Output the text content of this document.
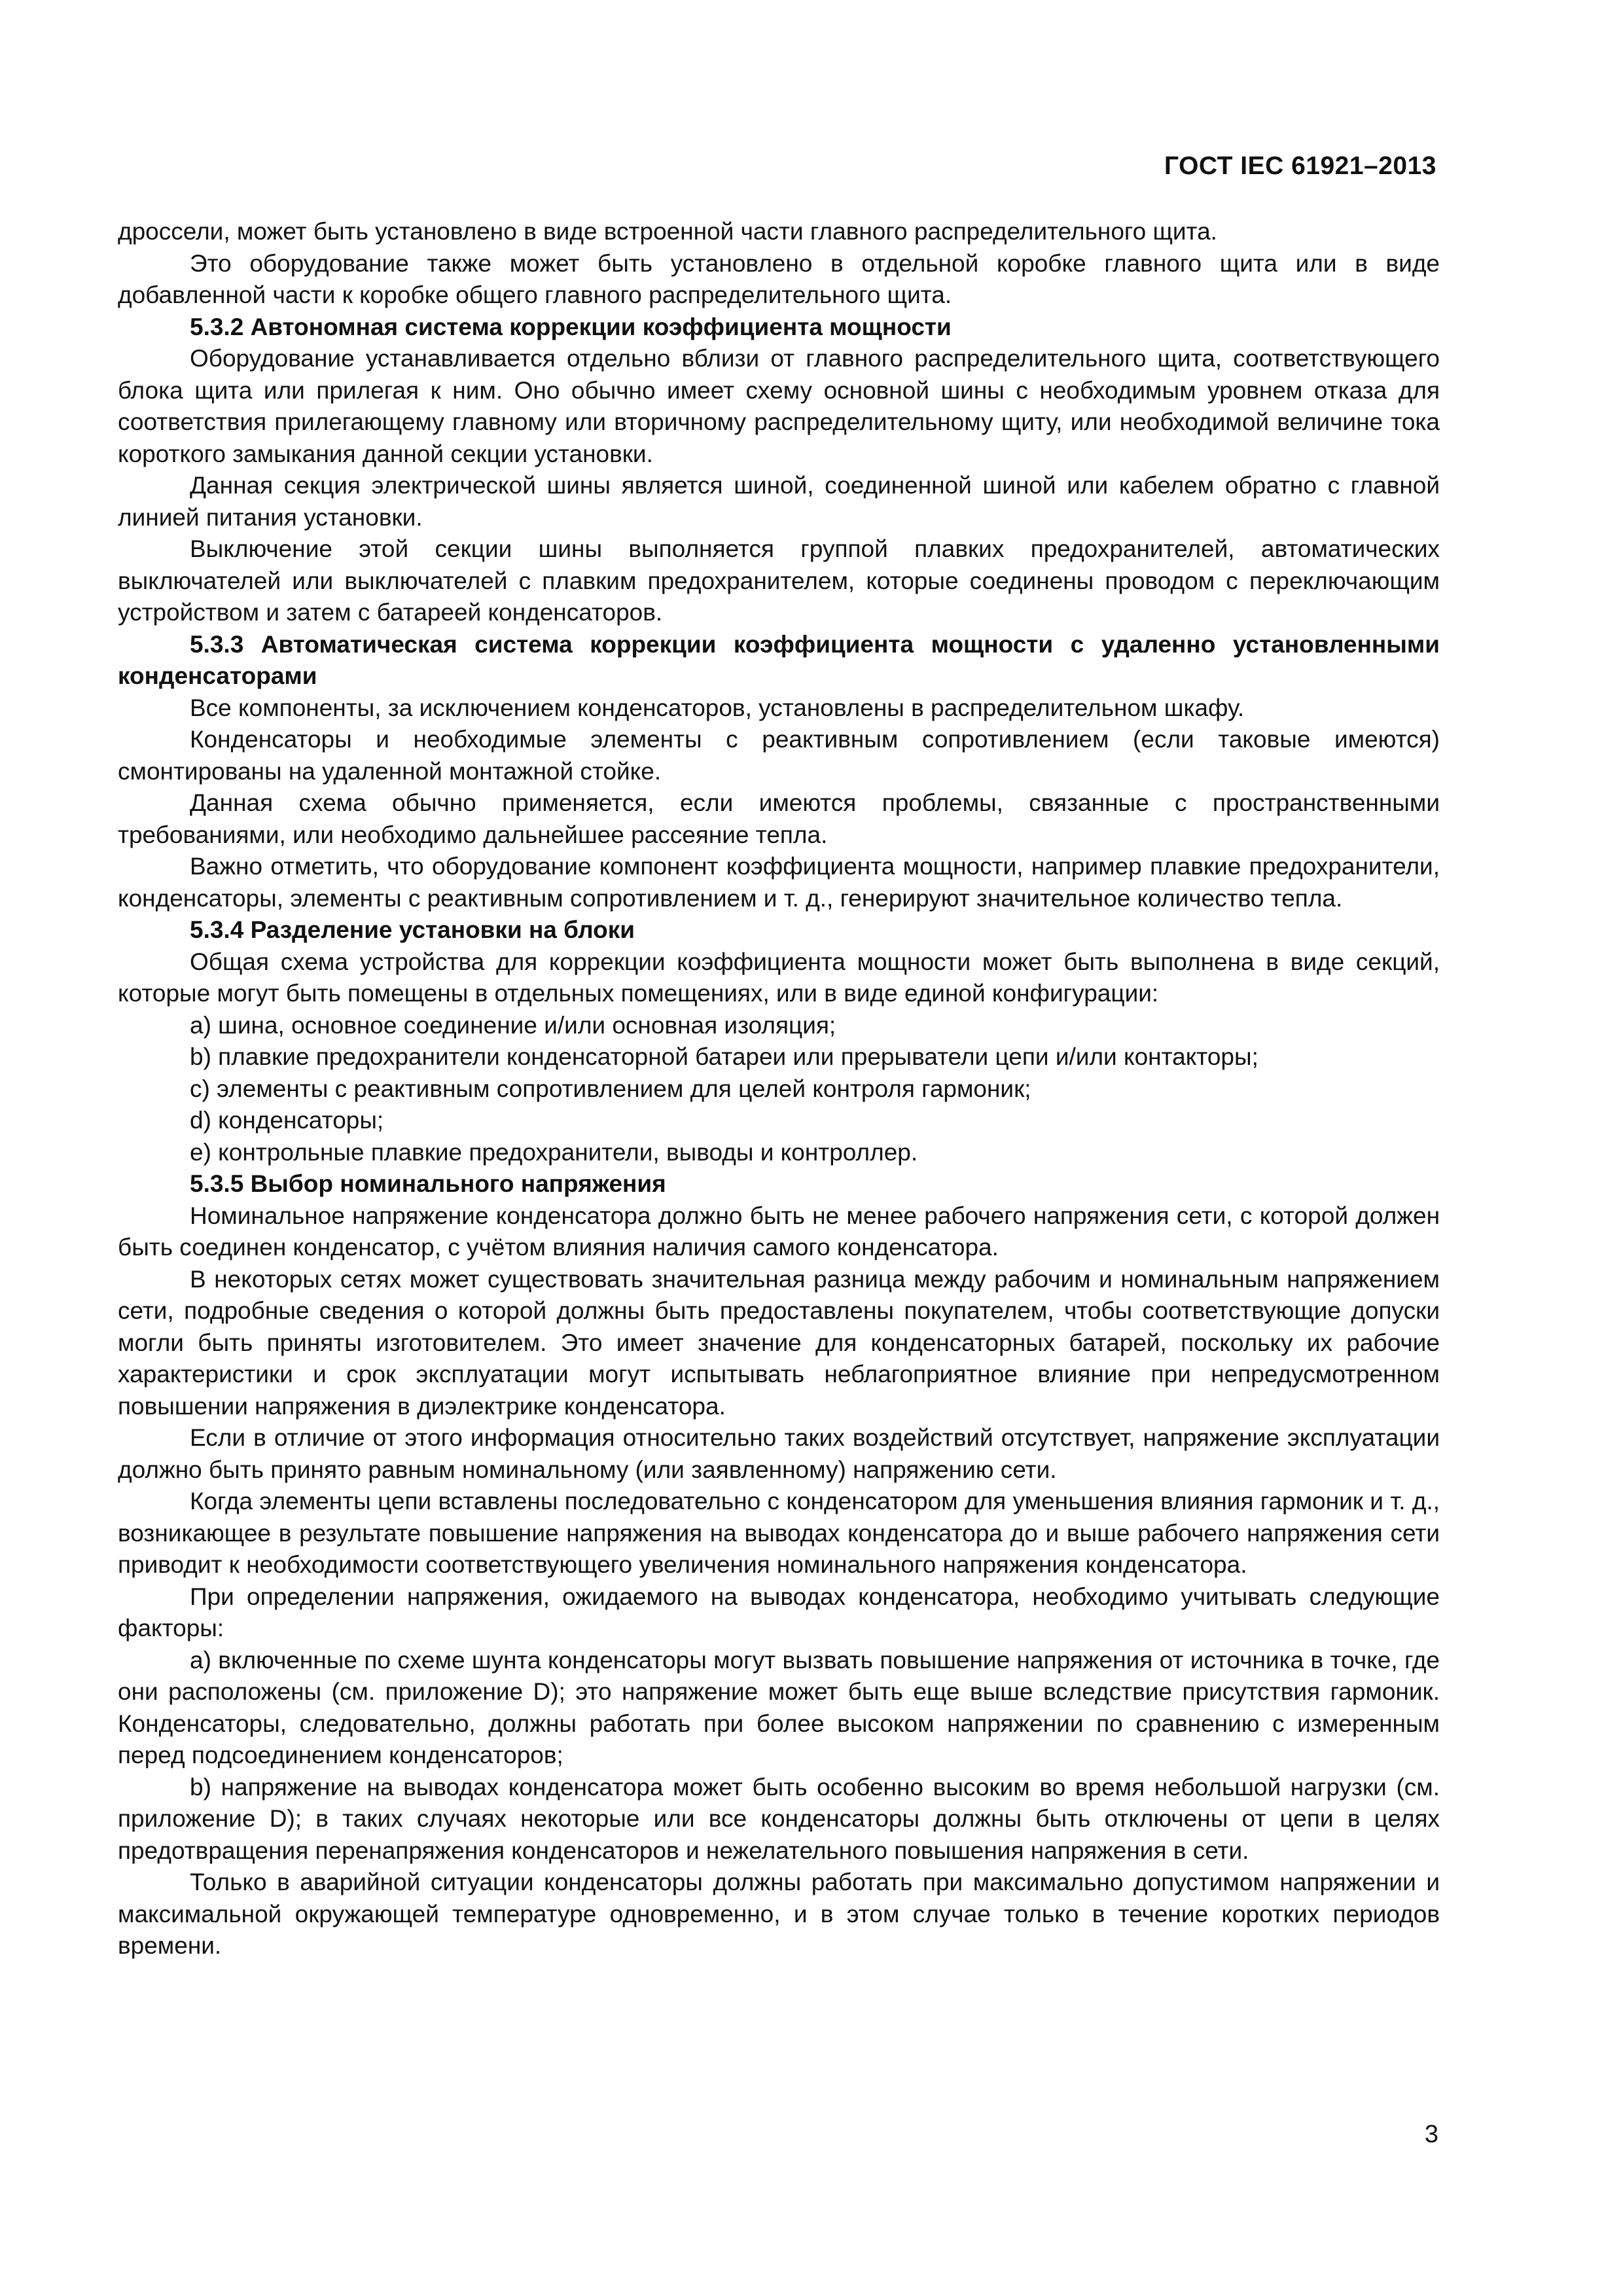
ГОСТ IEC 61921–2013

дроссели, может быть установлено в виде встроенной части главного распределительного щита.

Это оборудование также может быть установлено в отдельной коробке главного щита или в виде добавленной части к коробке общего главного распределительного щита.

5.3.2 Автономная система коррекции коэффициента мощности

Оборудование устанавливается отдельно вблизи от главного распределительного щита, соответствующего блока щита или прилегая к ним. Оно обычно имеет схему основной шины с необходимым уровнем отказа для соответствия прилегающему главному или вторичному распределительному щиту, или необходимой величине тока короткого замыкания данной секции установки.

Данная секция электрической шины является шиной, соединенной шиной или кабелем обратно с главной линией питания установки.

Выключение этой секции шины выполняется группой плавких предохранителей, автоматических выключателей или выключателей с плавким предохранителем, которые соединены проводом с переключающим устройством и затем с батареей конденсаторов.

5.3.3 Автоматическая система коррекции коэффициента мощности с удаленно установленными конденсаторами

Все компоненты, за исключением конденсаторов, установлены в распределительном шкафу.

Конденсаторы и необходимые элементы с реактивным сопротивлением (если таковые имеются) смонтированы на удаленной монтажной стойке.

Данная схема обычно применяется, если имеются проблемы, связанные с пространственными требованиями, или необходимо дальнейшее рассеяние тепла.

Важно отметить, что оборудование компонент коэффициента мощности, например плавкие предохранители, конденсаторы, элементы с реактивным сопротивлением и т. д., генерируют значительное количество тепла.

5.3.4 Разделение установки на блоки

Общая схема устройства для коррекции коэффициента мощности может быть выполнена в виде секций, которые могут быть помещены в отдельных помещениях, или в виде единой конфигурации:

a) шина, основное соединение и/или основная изоляция;

b) плавкие предохранители конденсаторной батареи или прерыватели цепи и/или контакторы;

c) элементы с реактивным сопротивлением для целей контроля гармоник;

d) конденсаторы;

e) контрольные плавкие предохранители, выводы и контроллер.

5.3.5 Выбор номинального напряжения

Номинальное напряжение конденсатора должно быть не менее рабочего напряжения сети, с которой должен быть соединен конденсатор, с учётом влияния наличия самого конденсатора.

В некоторых сетях может существовать значительная разница между рабочим и номинальным напряжением сети, подробные сведения о которой должны быть предоставлены покупателем, чтобы соответствующие допуски могли быть приняты изготовителем. Это имеет значение для конденсаторных батарей, поскольку их рабочие характеристики и срок эксплуатации могут испытывать неблагоприятное влияние при непредусмотренном повышении напряжения в диэлектрике конденсатора.

Если в отличие от этого информация относительно таких воздействий отсутствует, напряжение эксплуатации должно быть принято равным номинальному (или заявленному) напряжению сети.

Когда элементы цепи вставлены последовательно с конденсатором для уменьшения влияния гармоник и т. д., возникающее в результате повышение напряжения на выводах конденсатора до и выше рабочего напряжения сети приводит к необходимости соответствующего увеличения номинального напряжения конденсатора.

При определении напряжения, ожидаемого на выводах конденсатора, необходимо учитывать следующие факторы:

a) включенные по схеме шунта конденсаторы могут вызвать повышение напряжения от источника в точке, где они расположены (см. приложение D); это напряжение может быть еще выше вследствие присутствия гармоник. Конденсаторы, следовательно, должны работать при более высоком напряжении по сравнению с измеренным перед подсоединением конденсаторов;

b) напряжение на выводах конденсатора может быть особенно высоким во время небольшой нагрузки (см. приложение D); в таких случаях некоторые или все конденсаторы должны быть отключены от цепи в целях предотвращения перенапряжения конденсаторов и нежелательного повышения напряжения в сети.

Только в аварийной ситуации конденсаторы должны работать при максимально допустимом напряжении и максимальной окружающей температуре одновременно, и в этом случае только в течение коротких периодов времени.

3
